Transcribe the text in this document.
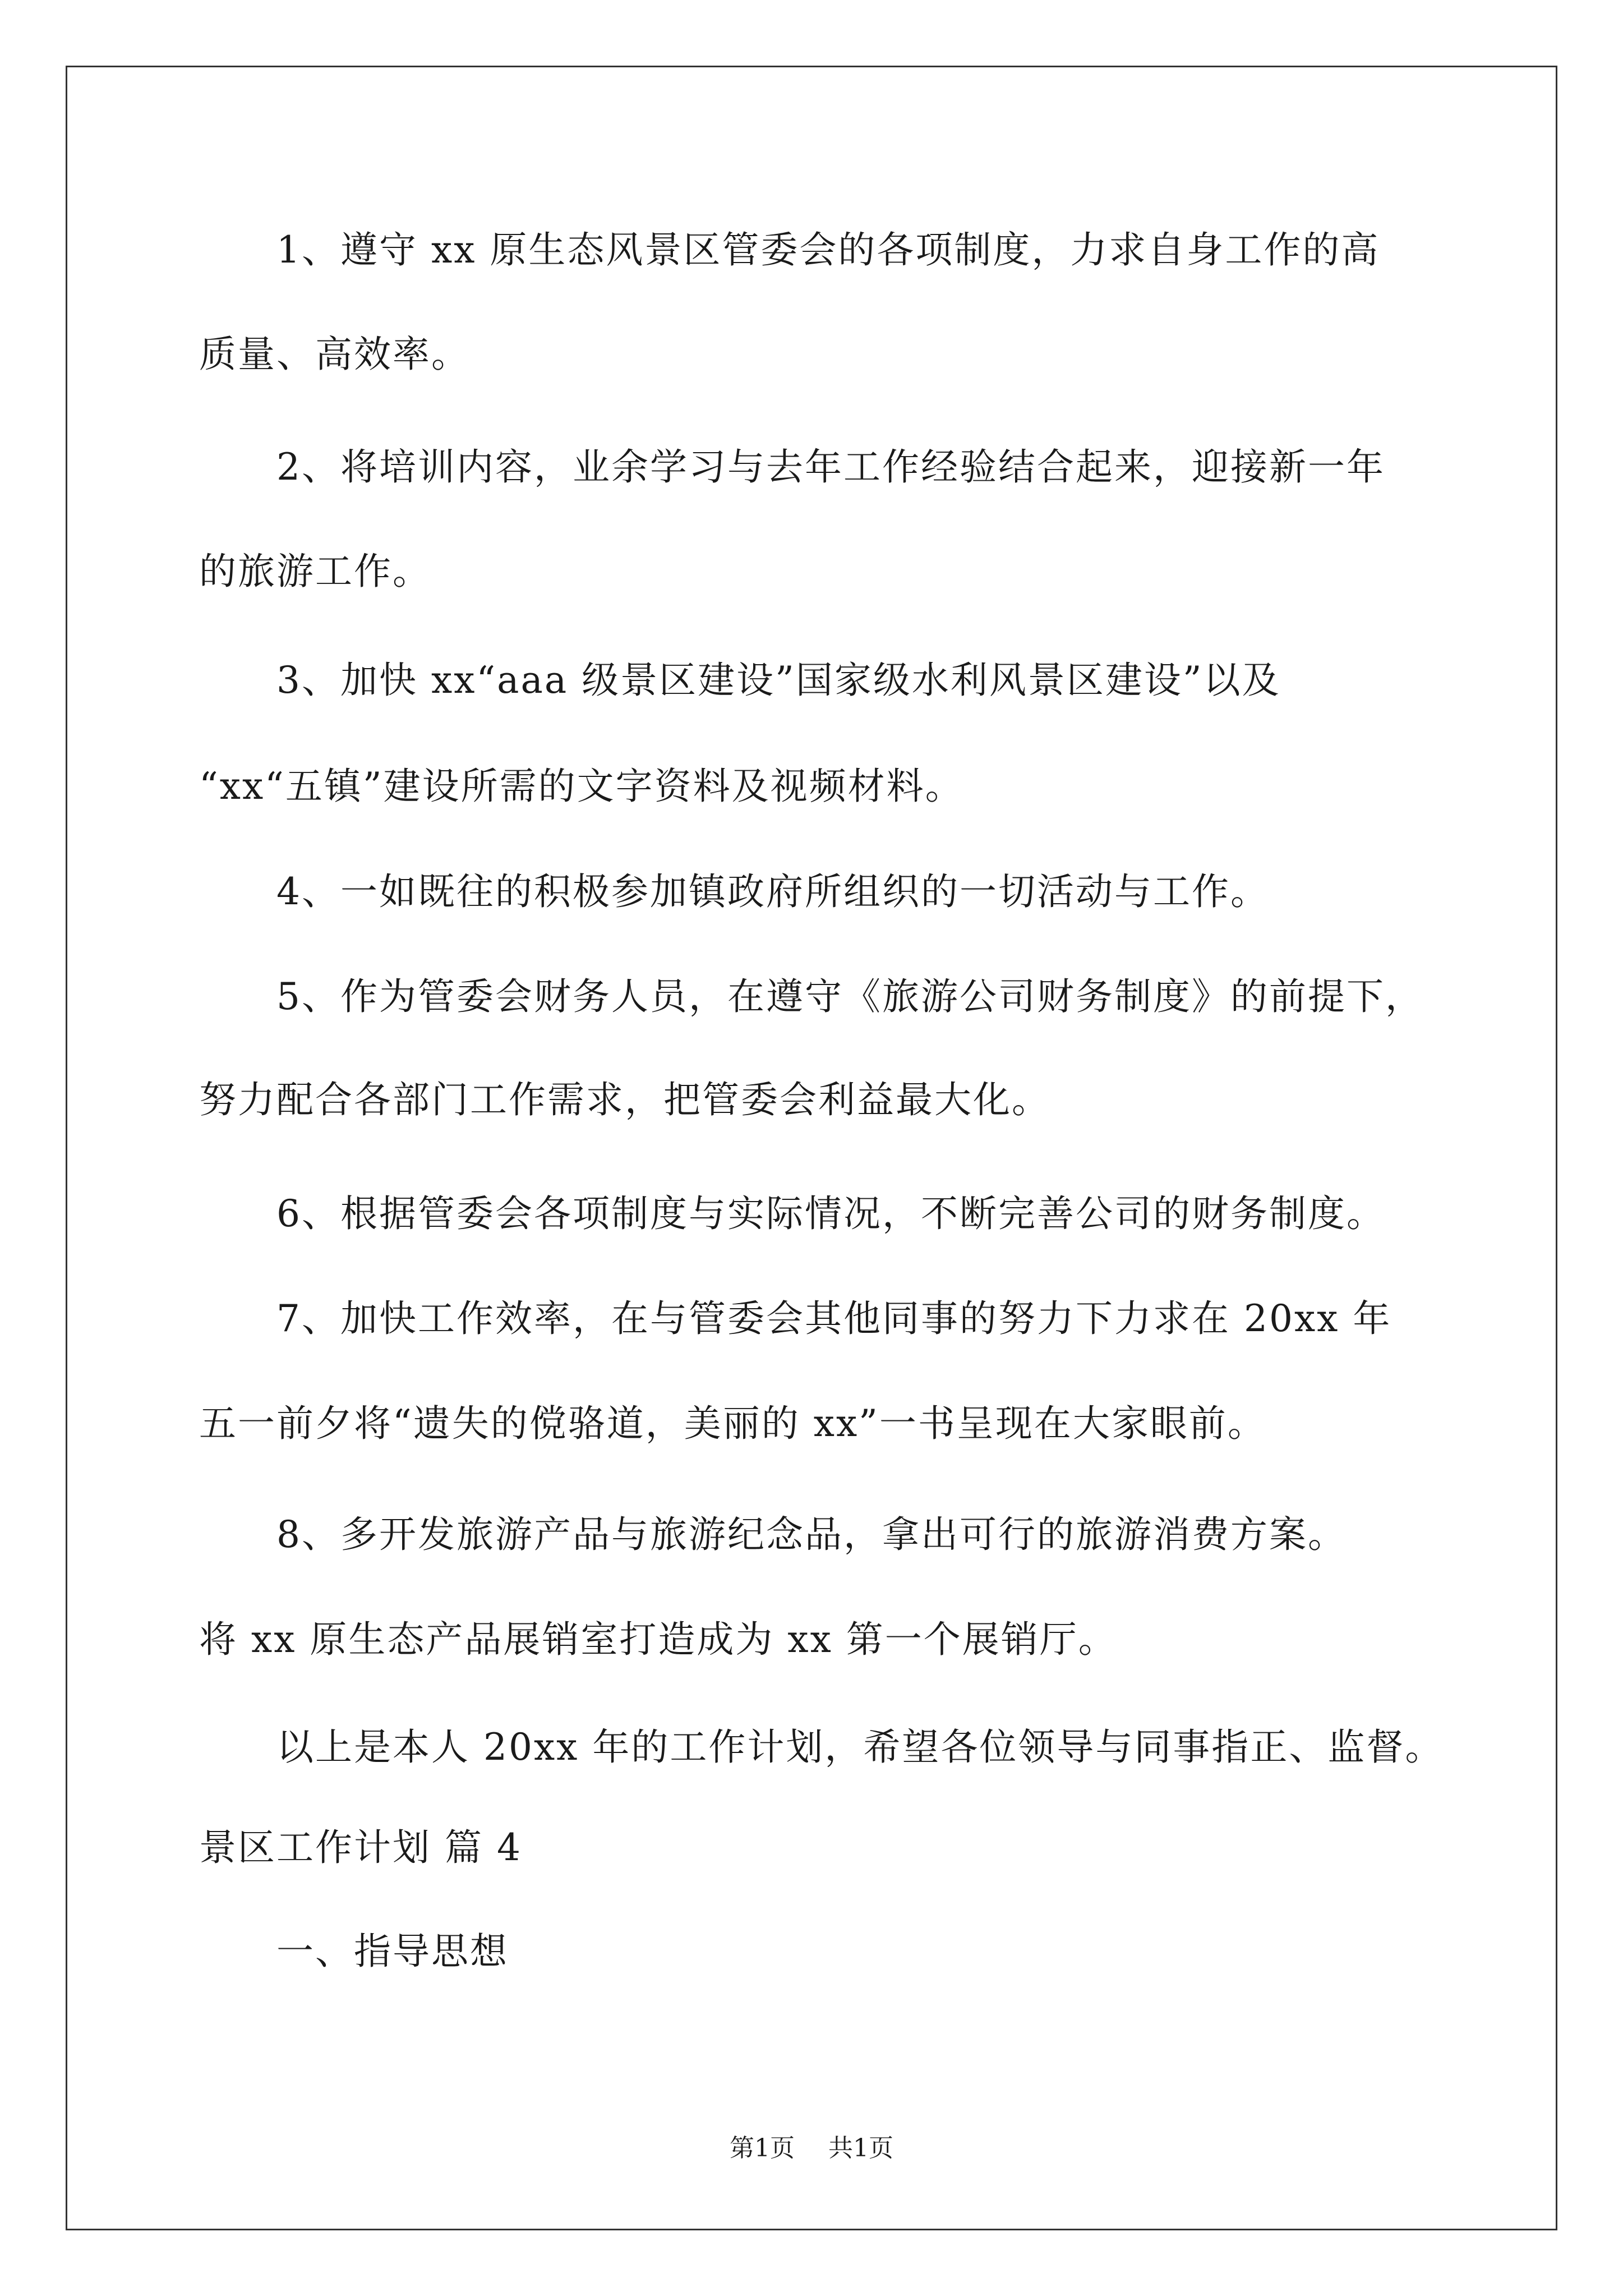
1、遵守 xx 原生态风景区管委会的各项制度，力求自身工作的高
质量、高效率。
2、将培训内容，业余学习与去年工作经验结合起来，迎接新一年
的旅游工作。
3、加快 xx“aaa 级景区建设”国家级水利风景区建设”以及
“xx“五镇”建设所需的文字资料及视频材料。
4、一如既往的积极参加镇政府所组织的一切活动与工作。
5、作为管委会财务人员，在遵守《旅游公司财务制度》的前提下，
努力配合各部门工作需求，把管委会利益最大化。
6、根据管委会各项制度与实际情况，不断完善公司的财务制度。
7、加快工作效率，在与管委会其他同事的努力下力求在 20xx 年
五一前夕将“遗失的傥骆道，美丽的 xx”一书呈现在大家眼前。
8、多开发旅游产品与旅游纪念品，拿出可行的旅游消费方案。
将 xx 原生态产品展销室打造成为 xx 第一个展销厅。
以上是本人 20xx 年的工作计划，希望各位领导与同事指正、监督。
景区工作计划 篇 4
一、指导思想
第1页 共1页
